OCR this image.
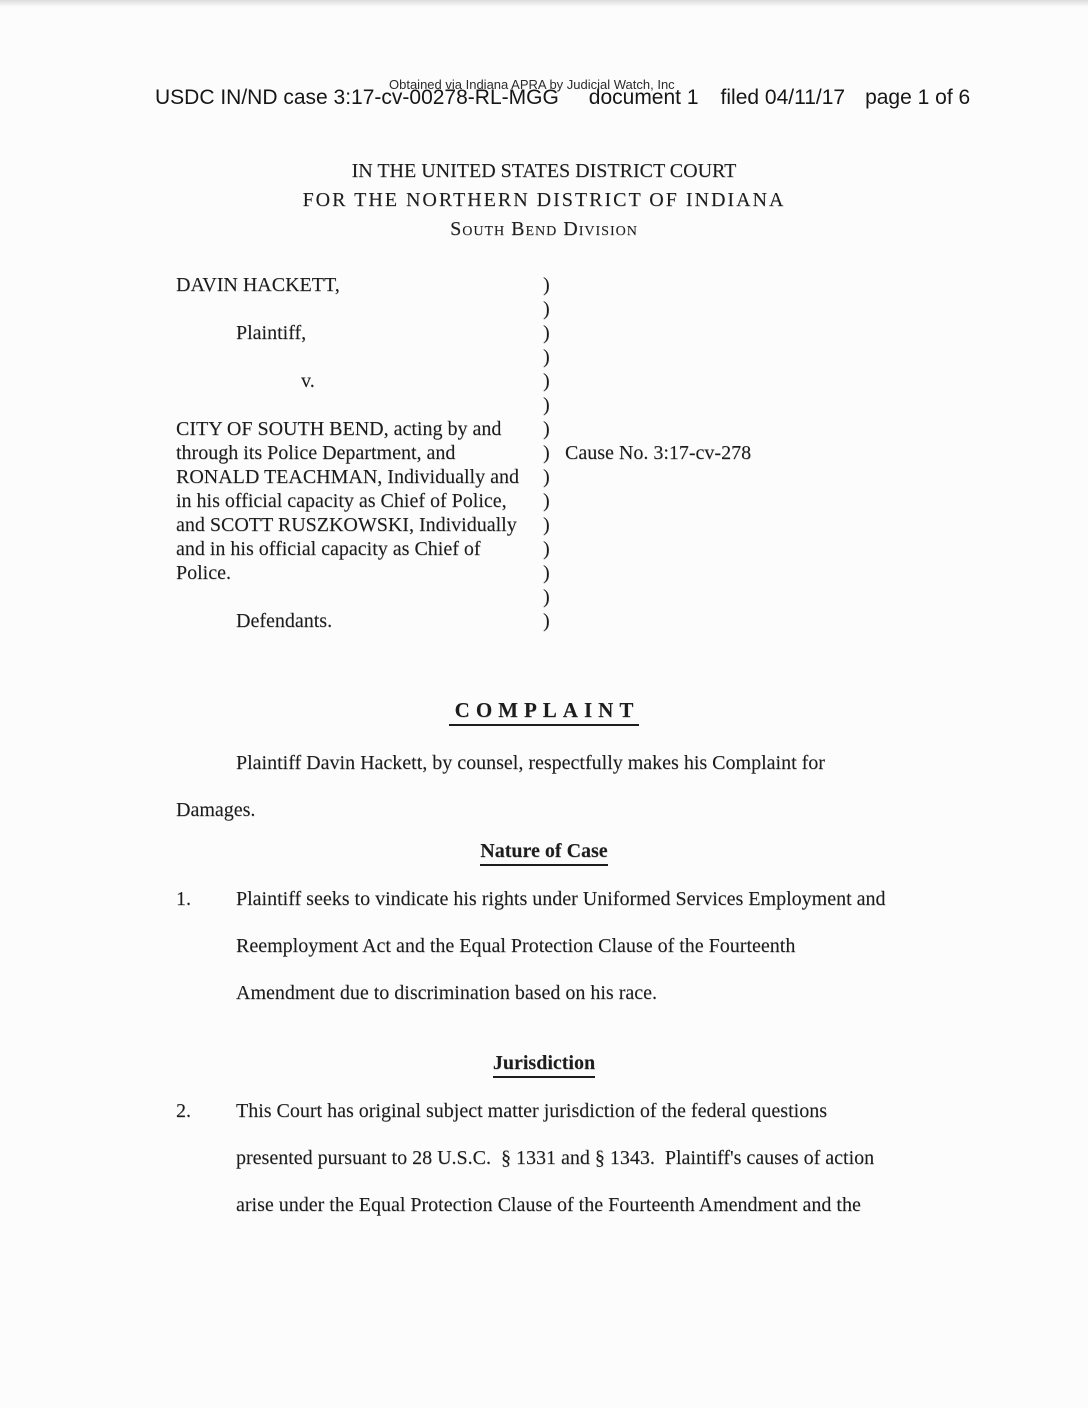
USDC IN/ND case 3:17-cv-00278-RL-MGG document 1 filed 04/11/17 page 1 of 6
Obtained via Indiana APRA by Judicial Watch, Inc
IN THE UNITED STATES DISTRICT COURT
FOR THE NORTHERN DISTRICT OF INDIANA
South Bend Division
DAVIN HACKETT,	)
)
Plaintiff,	)
)
v.	)
)
CITY OF SOUTH BEND, acting by and )
through its Police Department, and	) Cause No. 3:17-cv-278
RONALD TEACHMAN, Individually and )
in his official capacity as Chief of Police, )
and SCOTT RUSZKOWSKI, Individually )
and in his official capacity as Chief of	)
Police.	)
)
Defendants.	)
COMPLAINT
Plaintiff Davin Hackett, by counsel, respectfully makes his Complaint for
Damages.
Nature of Case
1. Plaintiff seeks to vindicate his rights under Uniformed Services Employment and
Reemployment Act and the Equal Protection Clause of the Fourteenth
Amendment due to discrimination based on his race.
Jurisdiction
2. This Court has original subject matter jurisdiction of the federal questions
presented pursuant to 28 U.S.C.  § 1331 and § 1343.  Plaintiff's causes of action
arise under the Equal Protection Clause of the Fourteenth Amendment and the
